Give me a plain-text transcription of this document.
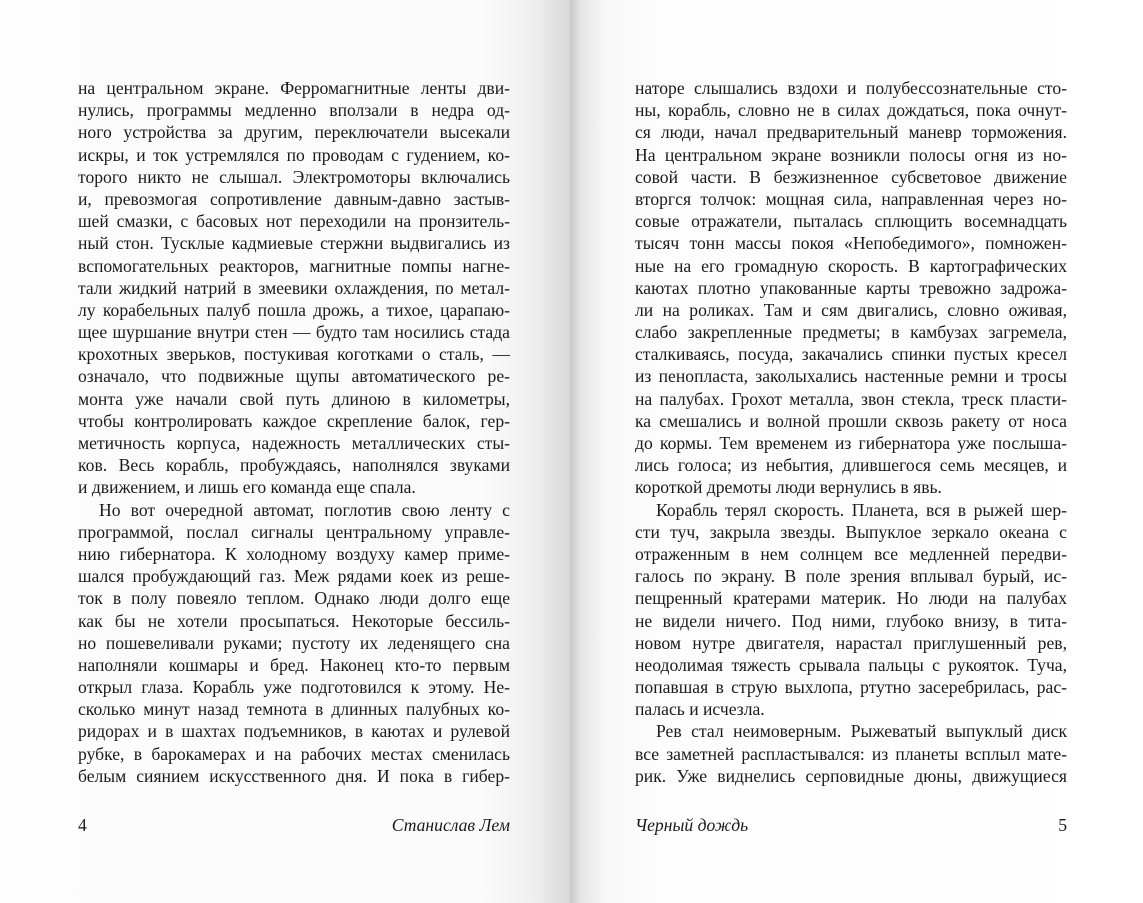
на центральном экране. Ферромагнитные ленты дви-
нулись, программы медленно вползали в недра од-
ного устройства за другим, переключатели высекали
искры, и ток устремлялся по проводам с гудением, ко-
торого никто не слышал. Электромоторы включались
и, превозмогая сопротивление давным-давно застыв-
шей смазки, с басовых нот переходили на пронзитель-
ный стон. Тусклые кадмиевые стержни выдвигались из
вспомогательных реакторов, магнитные помпы нагне-
тали жидкий натрий в змеевики охлаждения, по метал-
лу корабельных палуб пошла дрожь, а тихое, царапаю-
щее шуршание внутри стен — будто там носились стада
крохотных зверьков, постукивая коготками о сталь, —
означало, что подвижные щупы автоматического ре-
монта уже начали свой путь длиною в километры,
чтобы контролировать каждое скрепление балок, гер-
метичность корпуса, надежность металлических сты-
ков. Весь корабль, пробуждаясь, наполнялся звуками
и движением, и лишь его команда еще спала.
Но вот очередной автомат, поглотив свою ленту с
программой, послал сигналы центральному управле-
нию гибернатора. К холодному воздуху камер приме-
шался пробуждающий газ. Меж рядами коек из реше-
ток в полу повеяло теплом. Однако люди долго еще
как бы не хотели просыпаться. Некоторые бессиль-
но пошевеливали руками; пустоту их леденящего сна
наполняли кошмары и бред. Наконец кто-то первым
открыл глаза. Корабль уже подготовился к этому. Не-
сколько минут назад темнота в длинных палубных ко-
ридорах и в шахтах подъемников, в каютах и рулевой
рубке, в барокамерах и на рабочих местах сменилась
белым сиянием искусственного дня. И пока в гибер-
4	Станислав Лем
наторе слышались вздохи и полубессознательные сто-
ны, корабль, словно не в силах дождаться, пока очнут-
ся люди, начал предварительный маневр торможения.
На центральном экране возникли полосы огня из но-
совой части. В безжизненное субсветовое движение
вторгся толчок: мощная сила, направленная через но-
совые отражатели, пыталась сплющить восемнадцать
тысяч тонн массы покоя «Непобедимого», помножен-
ные на его громадную скорость. В картографических
каютах плотно упакованные карты тревожно задрожа-
ли на роликах. Там и сям двигались, словно оживая,
слабо закрепленные предметы; в камбузах загремела,
сталкиваясь, посуда, закачались спинки пустых кресел
из пенопласта, заколыхались настенные ремни и тросы
на палубах. Грохот металла, звон стекла, треск пласти-
ка смешались и волной прошли сквозь ракету от носа
до кормы. Тем временем из гибернатора уже послыша-
лись голоса; из небытия, длившегося семь месяцев, и
короткой дремоты люди вернулись в явь.
Корабль терял скорость. Планета, вся в рыжей шер-
сти туч, закрыла звезды. Выпуклое зеркало океана с
отраженным в нем солнцем все медленней передви-
галось по экрану. В поле зрения вплывал бурый, ис-
пещренный кратерами материк. Но люди на палубах
не видели ничего. Под ними, глубоко внизу, в тита-
новом нутре двигателя, нарастал приглушенный рев,
неодолимая тяжесть срывала пальцы с рукояток. Туча,
попавшая в струю выхлопа, ртутно засеребрилась, рас-
палась и исчезла.
Рев стал неимоверным. Рыжеватый выпуклый диск
все заметней распластывался: из планеты всплыл мате-
рик. Уже виднелись серповидные дюны, движущиеся
Черный дождь	5
